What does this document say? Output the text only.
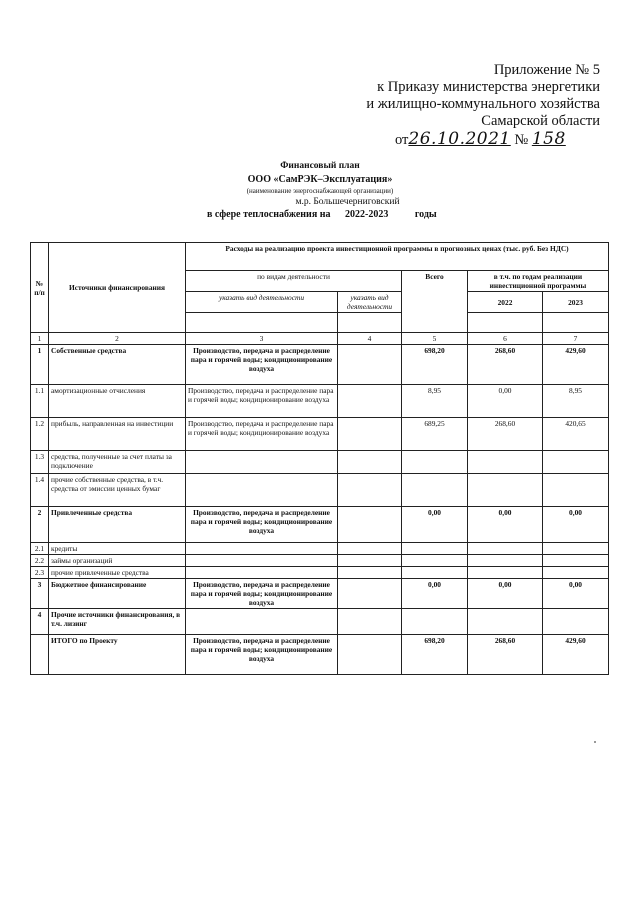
Приложение № 5
к Приказу министерства энергетики
и жилищно-коммунального хозяйства
Самарской области
от26.10.2021 № 158
Финансовый план
ООО «СамРЭК–Эксплуатация»
(наименование энергоснабжающей организации)
м.р. Большечерниговский
в сфере теплоснабжения на 2022-2023	годы
№ п/п	Источники финансирования	Расходы на реализацию проекта инвестиционной программы в прогнозных ценах (тыс. руб. Без НДС)				
		по видам деятельности		Всего	в т.ч. по годам реализации инвестиционной программы	
		указать вид деятельности	указать вид деятельности		2022	2023

1	2	3	4	5	6	7
1	Собственные средства	Производство, передача и распределение пара и горячей воды; кондиционирование воздуха		698,20	268,60	429,60
1.1	амортизационные отчисления	Производство, передача и распределение пара и горячей воды; кондиционирование воздуха		8,95	0,00	8,95
1.2	прибыль, направленная на инвестиции	Производство, передача и распределение пара и горячей воды; кондиционирование воздуха		689,25	268,60	420,65
1.3	средства, полученные за счет платы за подключение					
1.4	прочие собственные средства, в т.ч. средства от эмиссии ценных бумаг					
2	Привлеченные средства	Производство, передача и распределение пара и горячей воды; кондиционирование воздуха		0,00	0,00	0,00
2.1	кредиты					
2.2	займы организаций					
2.3	прочие привлеченные средства					
3	Бюджетное финансирование	Производство, передача и распределение пара и горячей воды; кондиционирование воздуха		0,00	0,00	0,00
4	Прочие источники финансирования, в т.ч. лизинг					
	ИТОГО по Проекту	Производство, передача и распределение пара и горячей воды; кондиционирование воздуха		698,20	268,60	429,60
